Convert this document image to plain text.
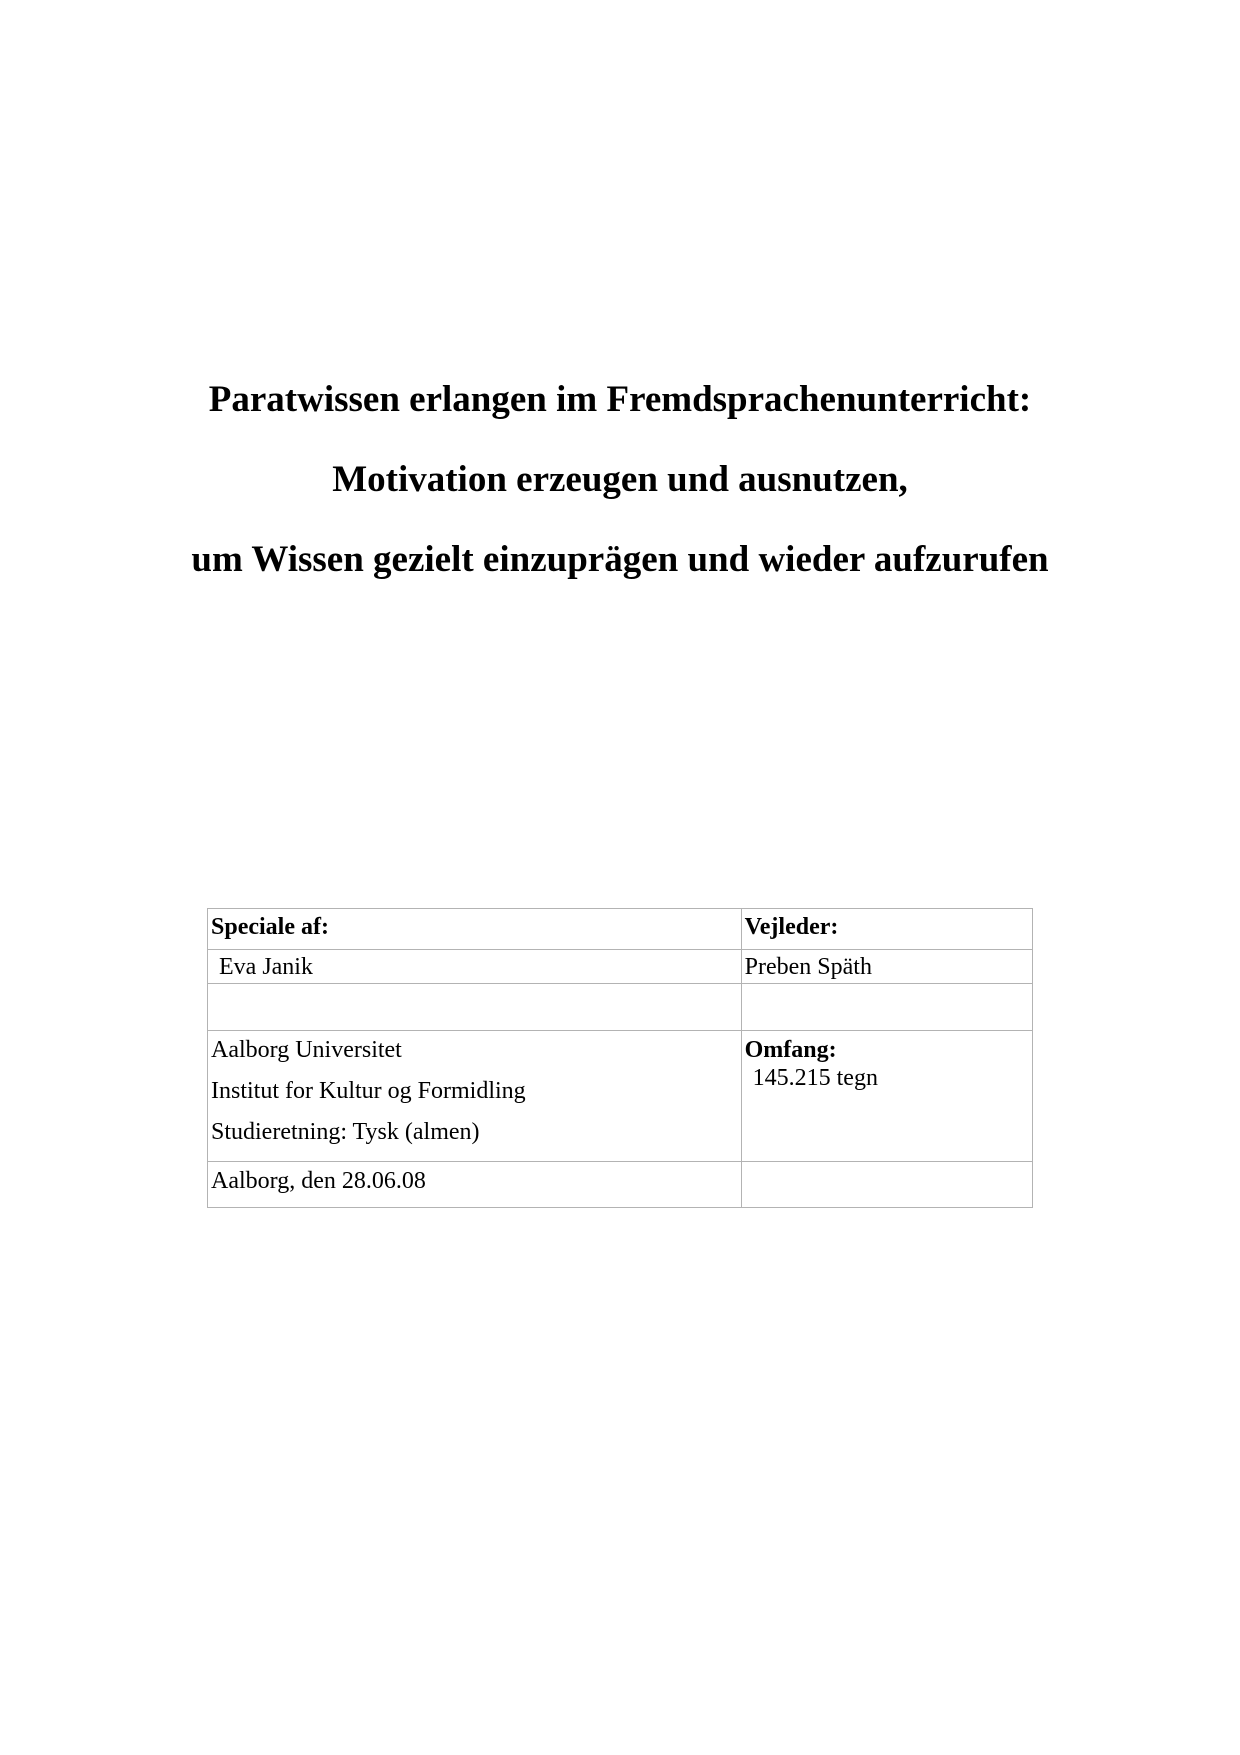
Paratwissen erlangen im Fremdsprachenunterricht:

Motivation erzeugen und ausnutzen,

um Wissen gezielt einzuprägen und wieder aufzurufen

Speciale af:	Vejleder:
Eva Janik	Preben Späth

Aalborg Universitet
Institut for Kultur og Formidling
Studieretning: Tysk (almen)	Omfang:
145.215 tegn

Aalborg, den 28.06.08	
